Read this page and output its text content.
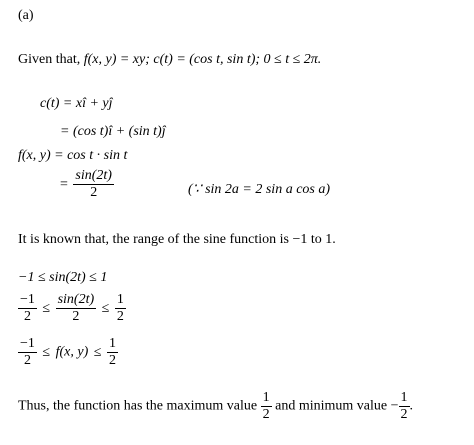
(a)
Given that, f(x, y) = xy; c(t) = (cos t, sin t); 0 ≤ t ≤ 2π.
c(t) = xî + yĵ
= (cos t)î + (sin t)ĵ
f(x, y) = cos t · sin t
= $\frac{\sin(2t)}{2}$	(∵ sin 2a = 2 sin a cos a)
It is known that, the range of the sine function is −1 to 1.
−1 ≤ sin(2t) ≤ 1
$\frac{-1}{2} \le \frac{\sin(2t)}{2} \le \frac{1}{2}$
$\frac{-1}{2} \le f(x$, $y) \le \frac{1}{2}$
Thus, the function has the maximum value $\frac{1}{2}$ and minimum value − $\frac{1}{2}$ .
